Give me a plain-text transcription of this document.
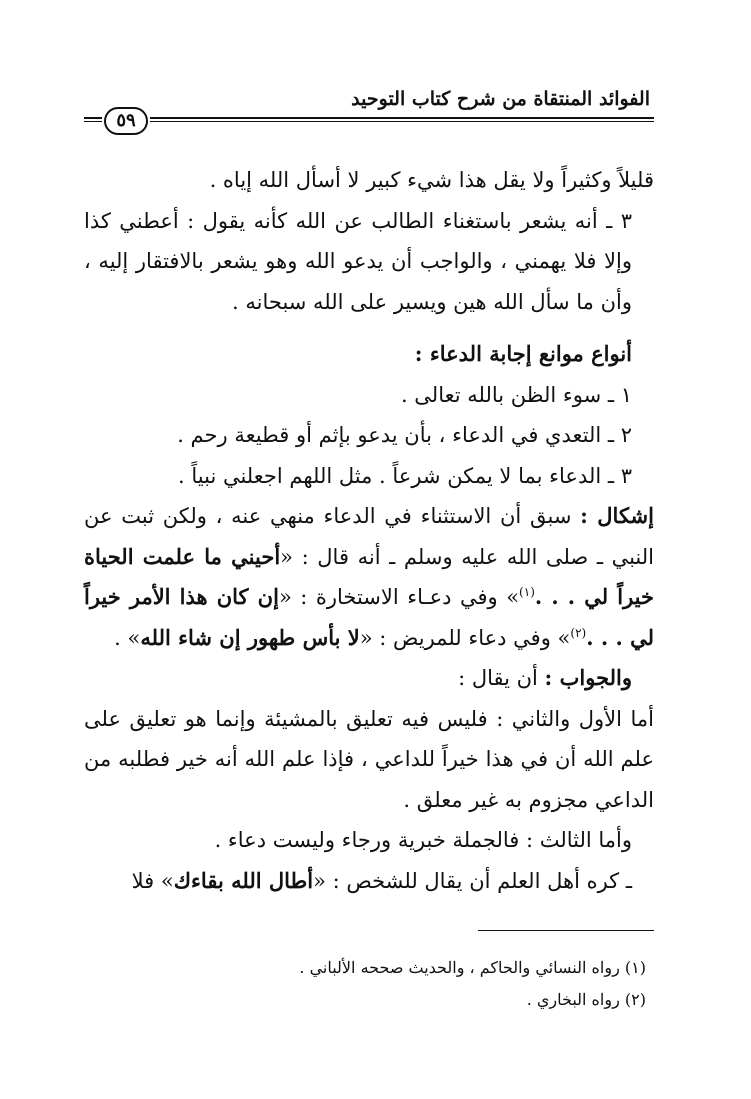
الفوائد المنتقاة من شرح كتاب التوحيد
٥٩

قليلاً وكثيراً ولا يقل هذا شيء كبير لا أسأل الله إياه .

٣ ـ أنه يشعر باستغناء الطالب عن الله كأنه يقول : أعطني كذا وإلا فلا يهمني ، والواجب أن يدعو الله وهو يشعر بالافتقار إليه ، وأن ما سأل الله هين ويسير على الله سبحانه .

أنواع موانع إجابة الدعاء :

١ ـ سوء الظن بالله تعالى .

٢ ـ التعدي في الدعاء ، بأن يدعو بإثم أو قطيعة رحم .

٣ ـ الدعاء بما لا يمكن شرعاً . مثل اللهم اجعلني نبياً .

إشكال : سبق أن الاستثناء في الدعاء منهي عنه ، ولكن ثبت عن النبي ـ صلى الله عليه وسلم ـ أنه قال : «أحيني ما علمت الحياة خيراً لي . . .$^{(١)}$» وفي دعـاء الاستخارة : «إن كان هذا الأمر خيراً لي . . .$^{(٢)}$» وفي دعاء للمريض : «لا بأس طهور إن شاء الله» .

والجواب : أن يقال :

أما الأول والثاني : فليس فيه تعليق بالمشيئة وإنما هو تعليق على علم الله أن في هذا خيراً للداعي ، فإذا علم الله أنه خير فطلبه من الداعي مجزوم به غير معلق .

وأما الثالث : فالجملة خبرية ورجاء وليست دعاء .

ـ كره أهل العلم أن يقال للشخص : «أطال الله بقاءك» فلا

(١) رواه النسائي والحاكم ، والحديث صححه الألباني .

(٢) رواه البخاري .
